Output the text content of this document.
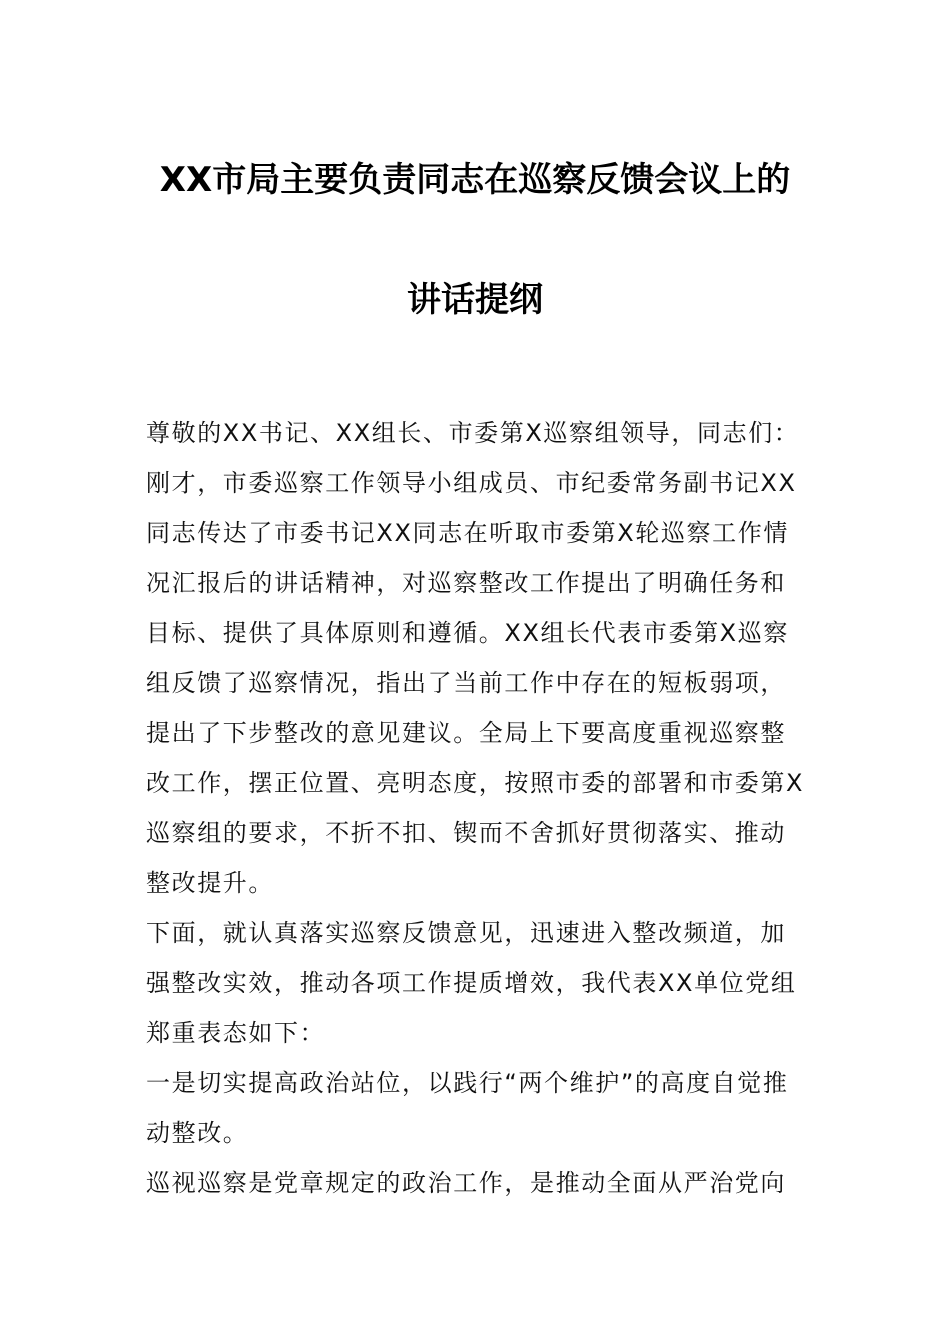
XX市局主要负责同志在巡察反馈会议上的
讲话提纲

尊敬的XX书记、XX组长、市委第X巡察组领导，同志们：

刚才，市委巡察工作领导小组成员、市纪委常务副书记XX同志传达了市委书记XX同志在听取市委第X轮巡察工作情况汇报后的讲话精神，对巡察整改工作提出了明确任务和目标、提供了具体原则和遵循。XX组长代表市委第X巡察组反馈了巡察情况，指出了当前工作中存在的短板弱项，提出了下步整改的意见建议。全局上下要高度重视巡察整改工作，摆正位置、亮明态度，按照市委的部署和市委第X巡察组的要求，不折不扣、锲而不舍抓好贯彻落实、推动整改提升。

下面，就认真落实巡察反馈意见，迅速进入整改频道，加强整改实效，推动各项工作提质增效，我代表XX单位党组郑重表态如下：

一是切实提高政治站位，以践行“两个维护”的高度自觉推动整改。

巡视巡察是党章规定的政治工作，是推动全面从严治党向
